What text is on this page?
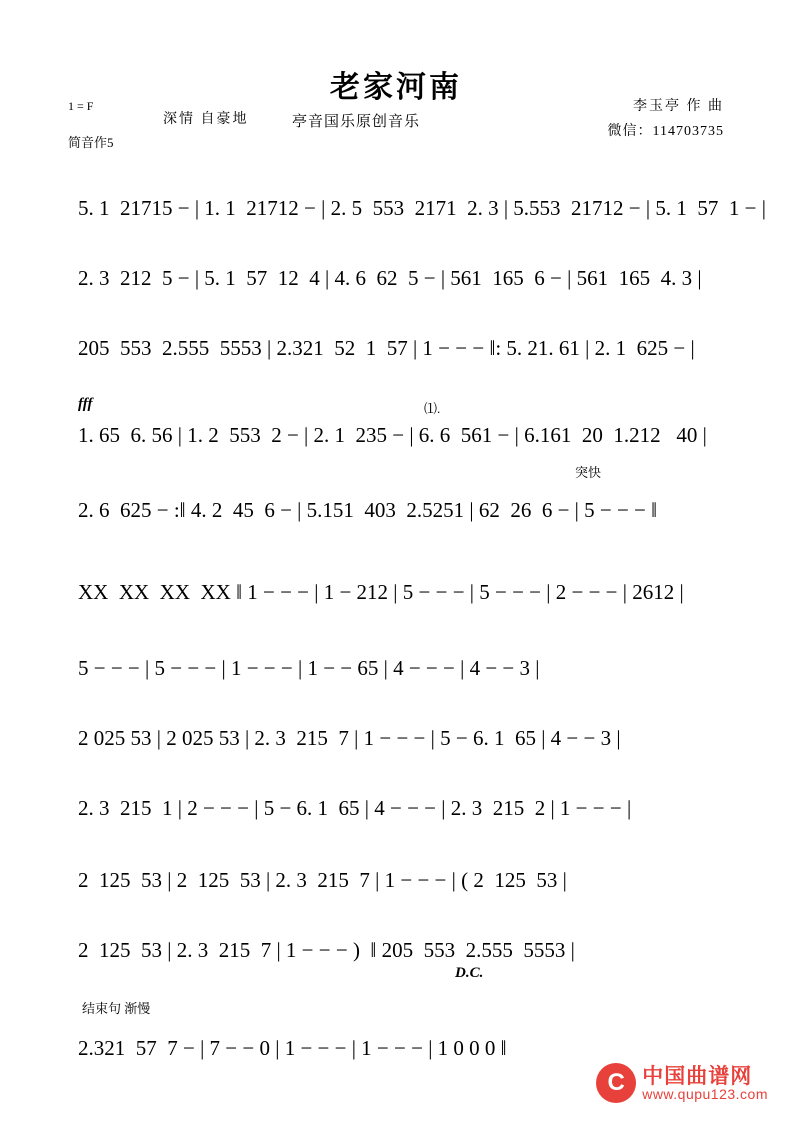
老家河南
1 = F
简音作5
深情 自豪地	亭音国乐原创音乐
李玉亭 作 曲
微信：114703735
5. 1  21715 − | 1. 1  21712 − | 2. 5  553  2171  2. 3 | 5.553  21712 − | 5. 1  57  1 − |
2. 3  212  5 − | 5. 1  57  12  4 | 4. 6  62  5 − | 561  165  6 − | 561  165  4. 3 |
205  553  2.555  5553 | 2.321  52  1  57 | 1 − − − ‖: 5. 21. 61 | 2. 1  625 − |
1. 65  6. 56 | 1. 2  553  2 − | 2. 1  235 − | 6. 6  561 − | 6.161  20  1.212   40 |
2. 6  625 − :‖ 4. 2  45  6 − | 5.151  403  2.5251 | 62  26  6 − | 5 − − − ‖
XX  XX  XX  XX ‖ 1 − − − | 1 − 212 | 5 − − − | 5 − − − | 2 − − − | 2612 |
5 − − − | 5 − − − | 1 − − − | 1 − − 65 | 4 − − − | 4 − − 3 |
2 025 53 | 2 025 53 | 2. 3  215  7 | 1 − − − | 5 − 6. 1  65 | 4 − − 3 |
2. 3  215  1 | 2 − − − | 5 − 6. 1  65 | 4 − − − | 2. 3  215  2 | 1 − − − |
2  125  53 | 2  125  53 | 2. 3  215  7 | 1 − − − | ( 2  125  53 |
2  125  53 | 2. 3  215  7 | 1 − − − )  ‖ 205  553  2.555  5553 |
2.321  57  7 − | 7 − − 0 | 1 − − − | 1 − − − | 1 0 0 0 ‖
fff
突快
D.C.
结束句 渐慢
⑴.
C 中国曲谱网
www.qupu123.com
